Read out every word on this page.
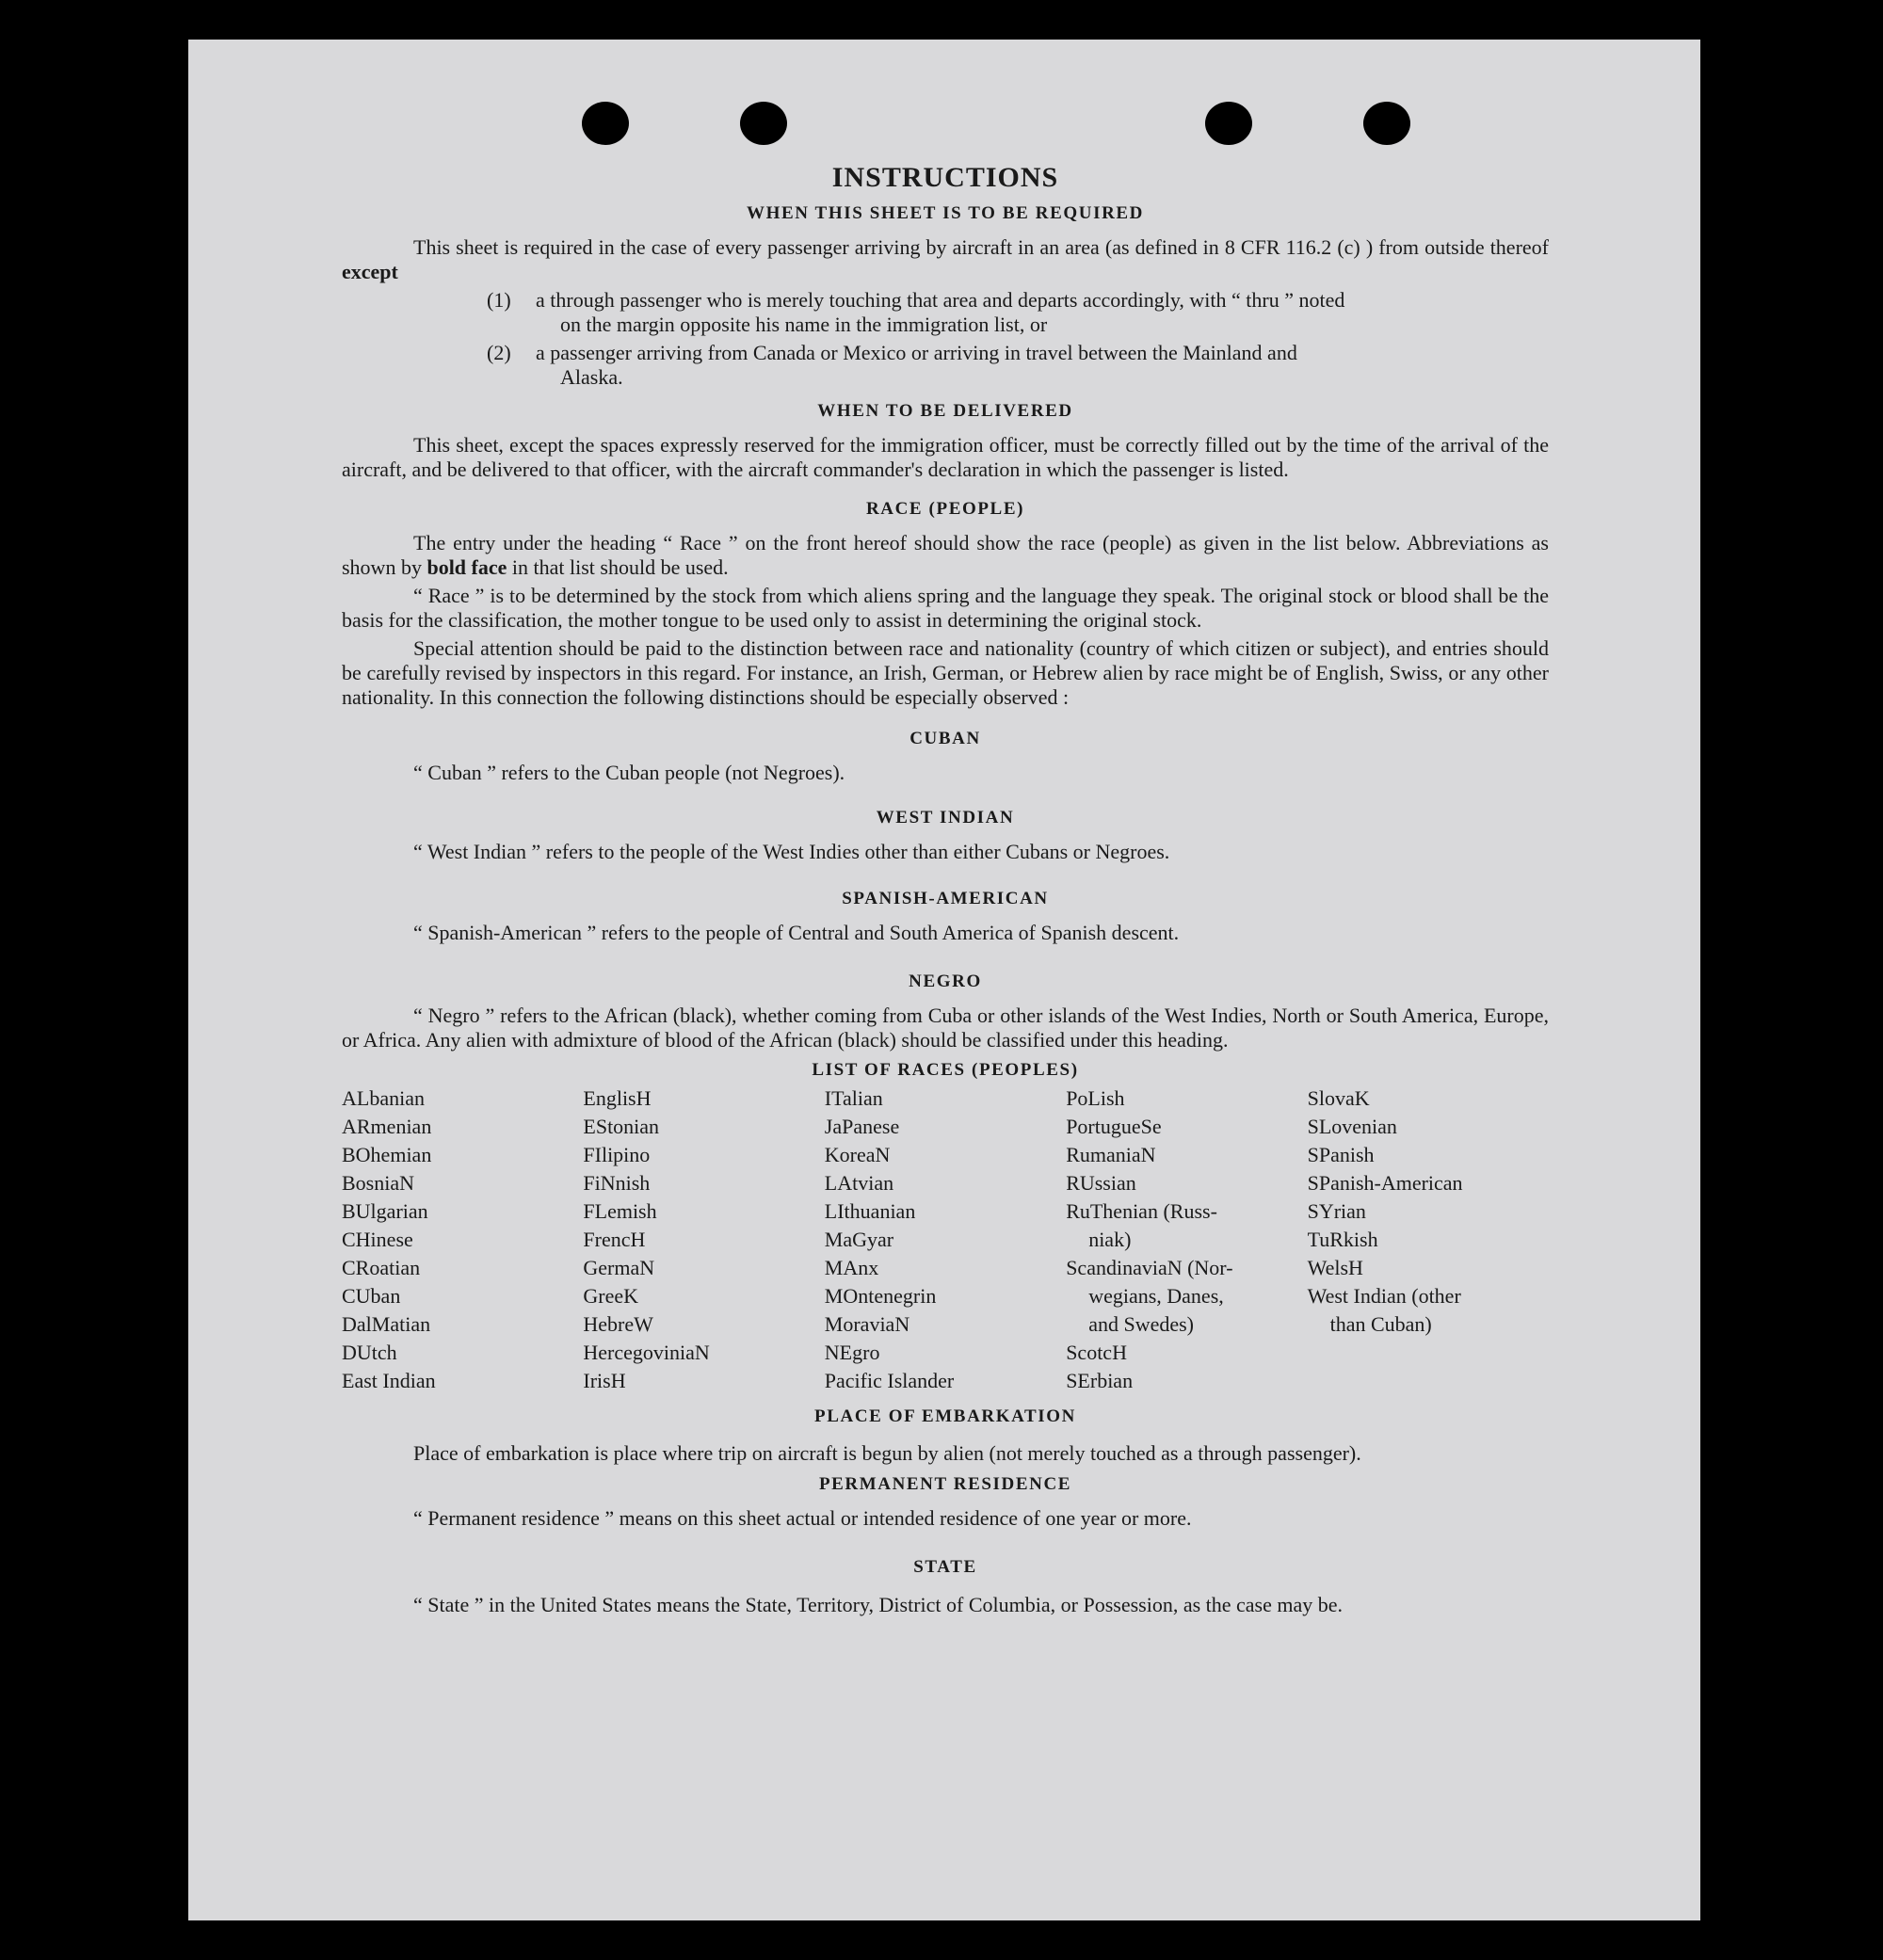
INSTRUCTIONS
WHEN THIS SHEET IS TO BE REQUIRED

This sheet is required in the case of every passenger arriving by aircraft in an area (as defined in 8 CFR 116.2 (c) ) from outside thereof except

(1)	a through passenger who is merely touching that area and departs accordingly, with “ thru ” noted
on the margin opposite his name in the immigration list, or
(2)	a passenger arriving from Canada or Mexico or arriving in travel between the Mainland and
Alaska.
WHEN TO BE DELIVERED

This sheet, except the spaces expressly reserved for the immigration officer, must be correctly filled out by the time of the arrival of the aircraft, and be delivered to that officer, with the aircraft commander's declaration in which the passenger is listed.

RACE (PEOPLE)

The entry under the heading “ Race ” on the front hereof should show the race (people) as given in the list below. Abbreviations as shown by bold face in that list should be used.

“ Race ” is to be determined by the stock from which aliens spring and the language they speak. The original stock or blood shall be the basis for the classification, the mother tongue to be used only to assist in determining the original stock.

Special attention should be paid to the distinction between race and nationality (country of which citizen or subject), and entries should be carefully revised by inspectors in this regard. For instance, an Irish, German, or Hebrew alien by race might be of English, Swiss, or any other nationality. In this connection the following distinctions should be especially observed :

CUBAN

“ Cuban ” refers to the Cuban people (not Negroes).

WEST INDIAN

“ West Indian ” refers to the people of the West Indies other than either Cubans or Negroes.

SPANISH-AMERICAN

“ Spanish-American ” refers to the people of Central and South America of Spanish descent.

NEGRO

“ Negro ” refers to the African (black), whether coming from Cuba or other islands of the West Indies, North or South America, Europe, or Africa. Any alien with admixture of blood of the African (black) should be classified under this heading.

LIST OF RACES (PEOPLES)
ALbanian
ARmenian
BOhemian
BosniaN
BUlgarian
CHinese
CRoatian
CUban
DalMatian
DUtch
East Indian
EnglisH
EStonian
FIlipino
FiNnish
FLemish
FrencH
GermaN
GreeK
HebreW
HercegoviniaN
IrisH
ITalian
JaPanese
KoreaN
LAtvian
LIthuanian
MaGyar
MAnx
MOntenegrin
MoraviaN
NEgro
Pacific Islander
PoLish
PortugueSe
RumaniaN
RUssian
RuThenian (Russ-
niak)
ScandinaviaN (Nor-
wegians, Danes,
and Swedes)
ScotcH
SErbian
SlovaK
SLovenian
SPanish
SPanish-American
SYrian
TuRkish
WelsH
West Indian (other
than Cuban)
PLACE OF EMBARKATION

Place of embarkation is place where trip on aircraft is begun by alien (not merely touched as a through passenger).

PERMANENT RESIDENCE

“ Permanent residence ” means on this sheet actual or intended residence of one year or more.

STATE

“ State ” in the United States means the State, Territory, District of Columbia, or Possession, as the case may be.
